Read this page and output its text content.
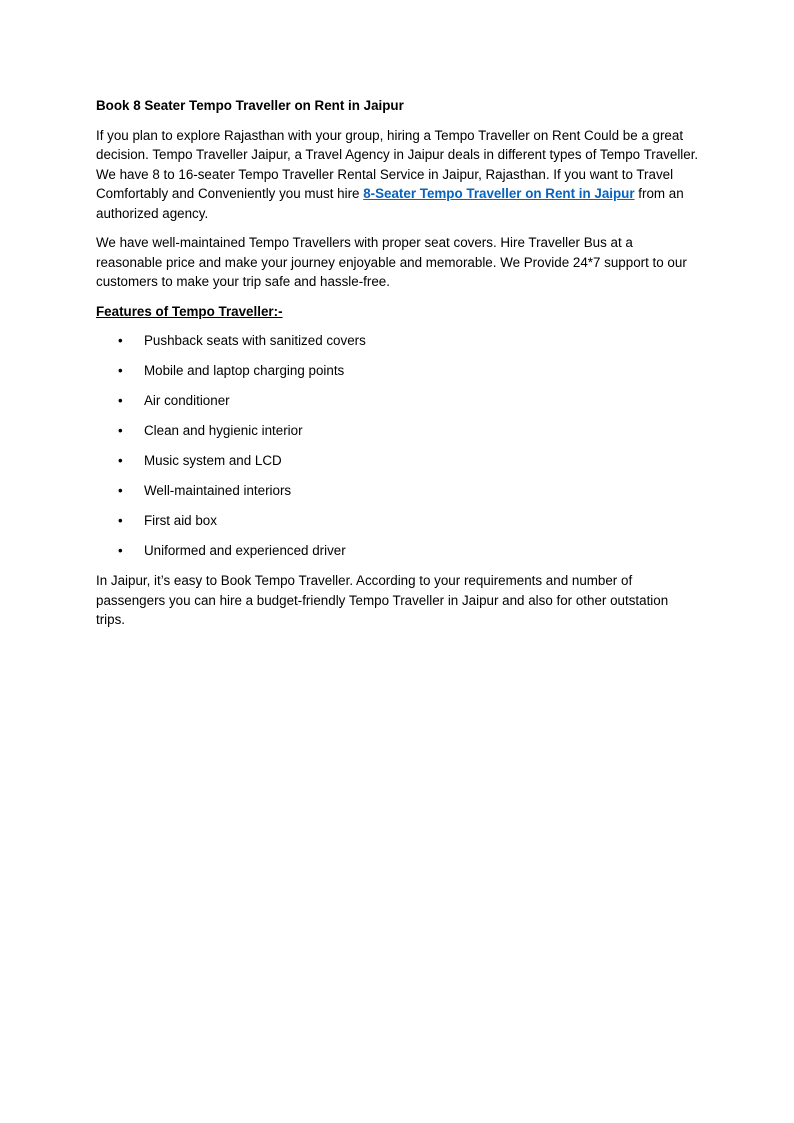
Book 8 Seater Tempo Traveller on Rent in Jaipur

If you plan to explore Rajasthan with your group, hiring a Tempo Traveller on Rent Could be a great decision. Tempo Traveller Jaipur, a Travel Agency in Jaipur deals in different types of Tempo Traveller. We have 8 to 16-seater Tempo Traveller Rental Service in Jaipur, Rajasthan. If you want to Travel Comfortably and Conveniently you must hire 8-Seater Tempo Traveller on Rent in Jaipur from an authorized agency.

We have well-maintained Tempo Travellers with proper seat covers. Hire Traveller Bus at a reasonable price and make your journey enjoyable and memorable. We Provide 24*7 support to our customers to make your trip safe and hassle-free.

Features of Tempo Traveller:-
• Pushback seats with sanitized covers
• Mobile and laptop charging points
• Air conditioner
• Clean and hygienic interior
• Music system and LCD
• Well-maintained interiors
• First aid box
• Uniformed and experienced driver

In Jaipur, it’s easy to Book Tempo Traveller. According to your requirements and number of passengers you can hire a budget-friendly Tempo Traveller in Jaipur and also for other outstation trips.
